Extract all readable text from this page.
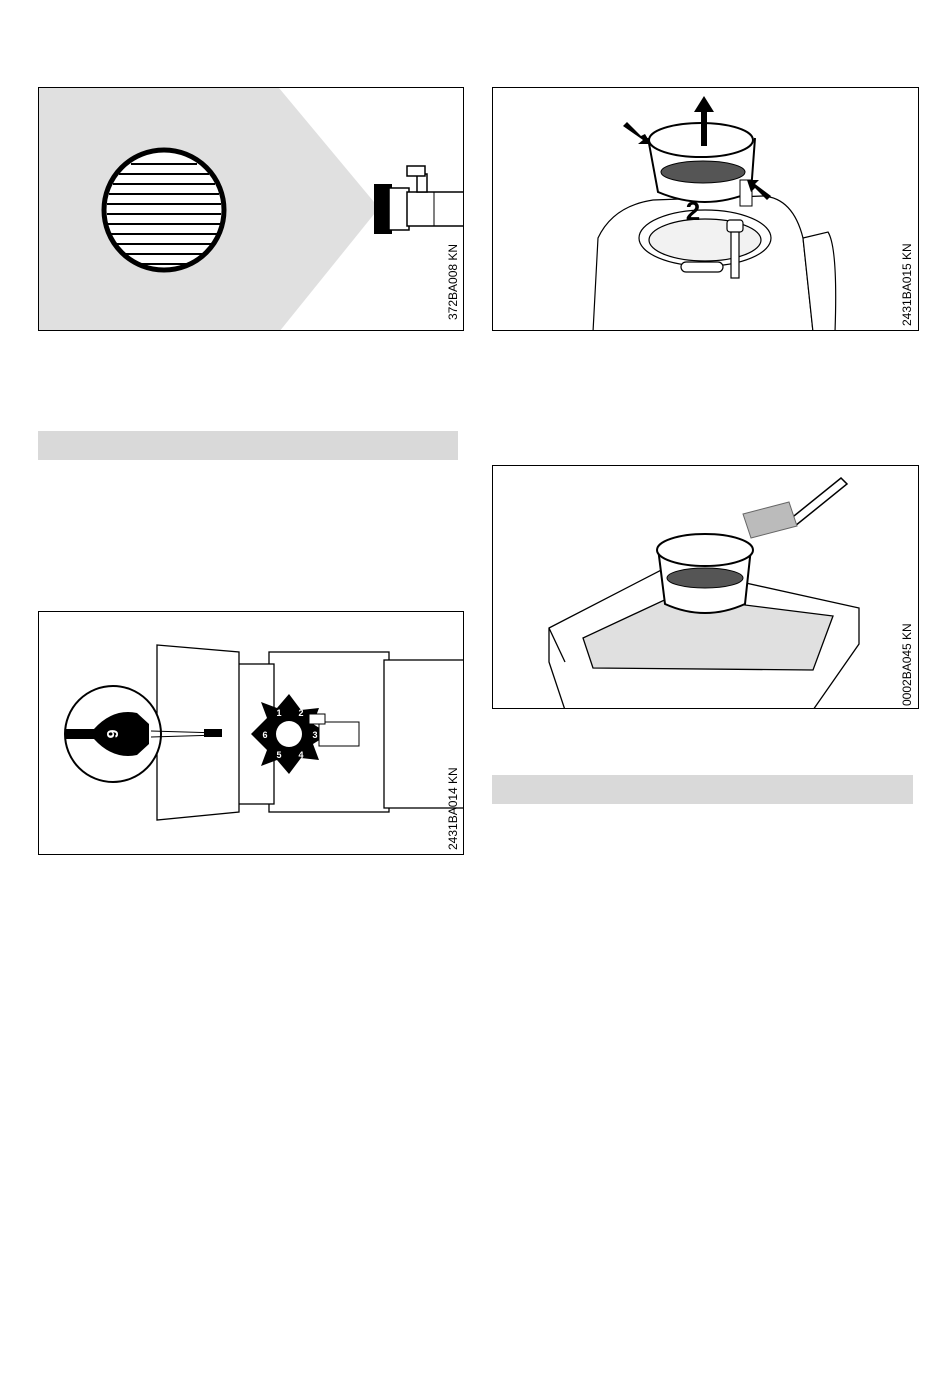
372BA008 KN
2
2431BA015 KN
6
1 2
3
4
5
6
2431BA014 KN
0002BA045 KN
